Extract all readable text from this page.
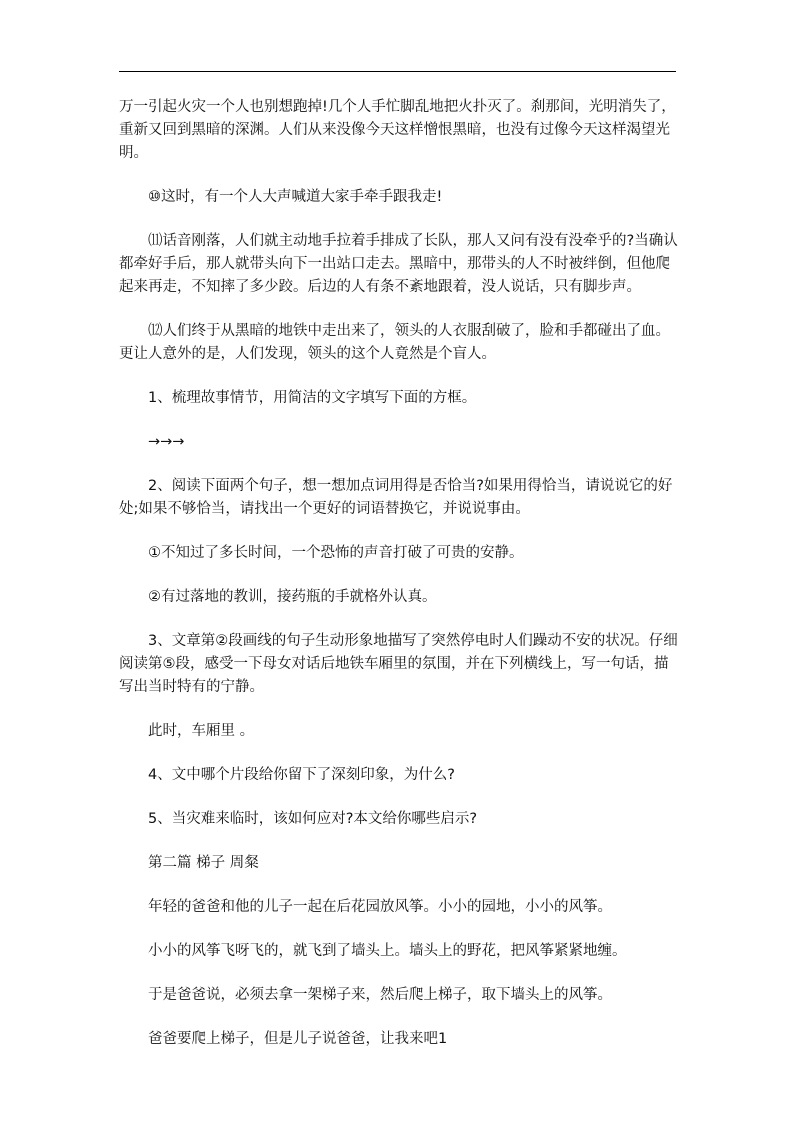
万一引起火灾一个人也别想跑掉!几个人手忙脚乱地把火扑灭了。刹那间，光明消失了，重新又回到黑暗的深渊。人们从来没像今天这样憎恨黑暗，也没有过像今天这样渴望光明。

⑩这时，有一个人大声喊道大家手牵手跟我走!

⑾话音刚落，人们就主动地手拉着手排成了长队，那人又问有没有没牵乎的?当确认都牵好手后，那人就带头向下一出站口走去。黑暗中，那带头的人不时被绊倒，但他爬起来再走，不知摔了多少跤。后边的人有条不紊地跟着，没人说话，只有脚步声。

⑿人们终于从黑暗的地铁中走出来了，领头的人衣服刮破了，脸和手都碰出了血。更让人意外的是，人们发现，领头的这个人竟然是个盲人。

1、梳理故事情节，用简洁的文字填写下面的方框。

→→→

2、阅读下面两个句子，想一想加点词用得是否恰当?如果用得恰当，请说说它的好处;如果不够恰当，请找出一个更好的词语替换它，并说说事由。

①不知过了多长时间，一个恐怖的声音打破了可贵的安静。

②有过落地的教训，接药瓶的手就格外认真。

3、文章第②段画线的句子生动形象地描写了突然停电时人们躁动不安的状况。仔细阅读第⑤段，感受一下母女对话后地铁车厢里的氛围，并在下列横线上，写一句话，描写出当时特有的宁静。

此时，车厢里 。

4、文中哪个片段给你留下了深刻印象，为什么?

5、当灾难来临时，该如何应对?本文给你哪些启示?

第二篇 梯子 周粲

年轻的爸爸和他的儿子一起在后花园放风筝。小小的园地，小小的风筝。

小小的风筝飞呀飞的，就飞到了墙头上。墙头上的野花，把风筝紧紧地缠。

于是爸爸说，必须去拿一架梯子来，然后爬上梯子，取下墙头上的风筝。

爸爸要爬上梯子，但是儿子说爸爸，让我来吧1
